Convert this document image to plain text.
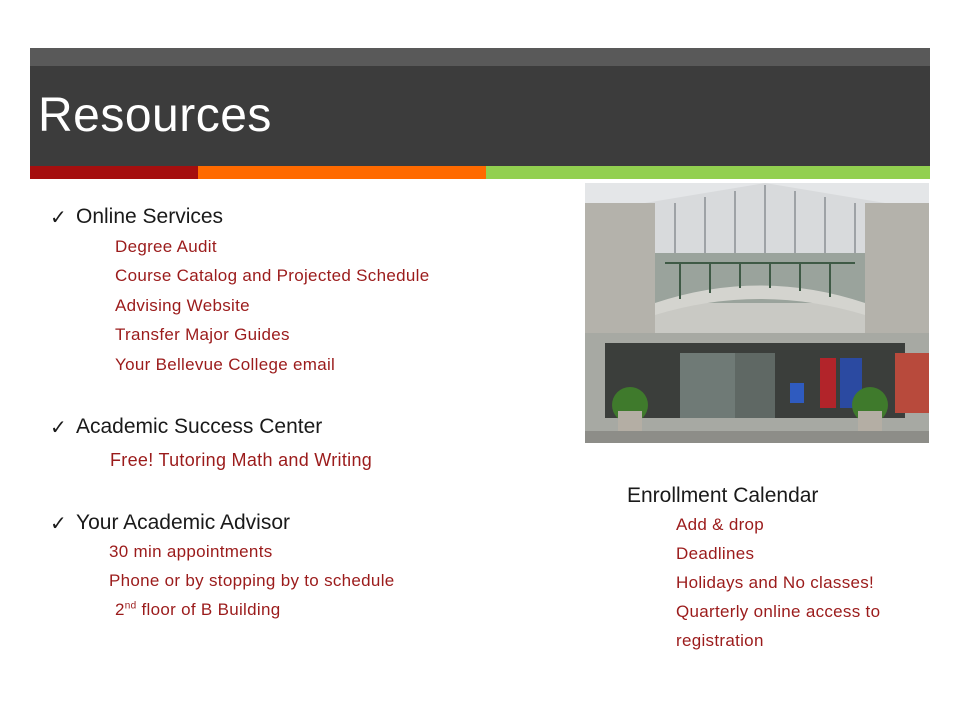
Resources
✓ Online Services
Degree Audit
Course Catalog and Projected Schedule
Advising Website
Transfer Major Guides
Your Bellevue College email
✓ Academic Success Center
Free! Tutoring Math and Writing
✓ Your Academic Advisor
30 min appointments
Phone or by stopping by to schedule
2nd floor of B Building
Enrollment Calendar
Add & drop
Deadlines
Holidays and No classes!
Quarterly online access to
registration
